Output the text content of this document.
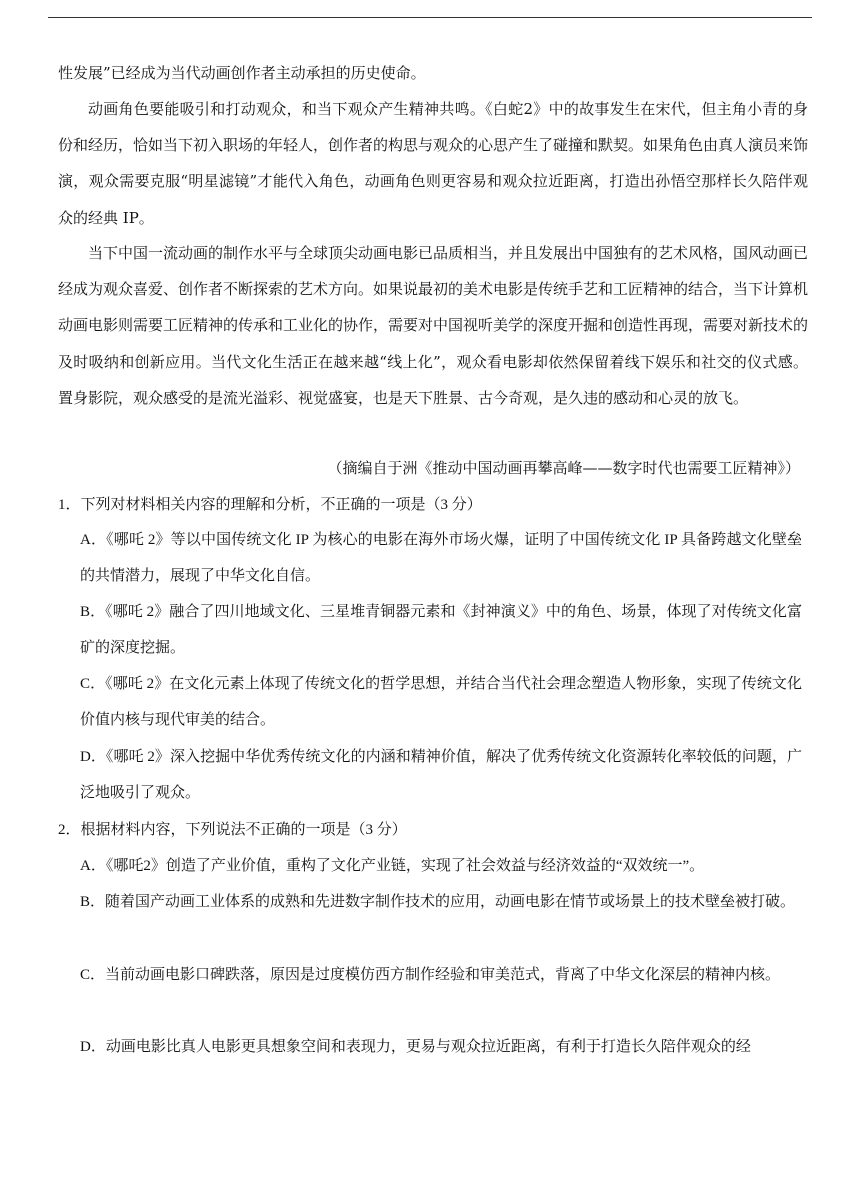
性发展”已经成为当代动画创作者主动承担的历史使命。

动画角色要能吸引和打动观众，和当下观众产生精神共鸣。《白蛇2》中的故事发生在宋代，但主角小青的身份和经历，恰如当下初入职场的年轻人，创作者的构思与观众的心思产生了碰撞和默契。如果角色由真人演员来饰演，观众需要克服“明星滤镜”才能代入角色，动画角色则更容易和观众拉近距离，打造出孙悟空那样长久陪伴观众的经典 IP。

当下中国一流动画的制作水平与全球顶尖动画电影已品质相当，并且发展出中国独有的艺术风格，国风动画已经成为观众喜爱、创作者不断探索的艺术方向。如果说最初的美术电影是传统手艺和工匠精神的结合，当下计算机动画电影则需要工匠精神的传承和工业化的协作，需要对中国视听美学的深度开掘和创造性再现，需要对新技术的及时吸纳和创新应用。当代文化生活正在越来越“线上化”，观众看电影却依然保留着线下娱乐和社交的仪式感。置身影院，观众感受的是流光溢彩、视觉盛宴，也是天下胜景、古今奇观，是久违的感动和心灵的放飞。

（摘编自于洲《推动中国动画再攀高峰——数字时代也需要工匠精神》）

1．下列对材料相关内容的理解和分析，不正确的一项是（3 分）

A．《哪吒 2》等以中国传统文化 IP 为核心的电影在海外市场火爆，证明了中国传统文化 IP 具备跨越文化壁垒的共情潜力，展现了中华文化自信。

B．《哪吒 2》融合了四川地域文化、三星堆青铜器元素和《封神演义》中的角色、场景，体现了对传统文化富矿的深度挖掘。

C．《哪吒 2》在文化元素上体现了传统文化的哲学思想，并结合当代社会理念塑造人物形象，实现了传统文化价值内核与现代审美的结合。

D．《哪吒 2》深入挖掘中华优秀传统文化的内涵和精神价值，解决了优秀传统文化资源转化率较低的问题，广泛地吸引了观众。

2．根据材料内容，下列说法不正确的一项是（3 分）

A．《哪吒2》创造了产业价值，重构了文化产业链，实现了社会效益与经济效益的“双效统一”。

B．随着国产动画工业体系的成熟和先进数字制作技术的应用，动画电影在情节或场景上的技术壁垒被打破。

C．当前动画电影口碑跌落，原因是过度模仿西方制作经验和审美范式，背离了中华文化深层的精神内核。

D．动画电影比真人电影更具想象空间和表现力，更易与观众拉近距离，有利于打造长久陪伴观众的经
